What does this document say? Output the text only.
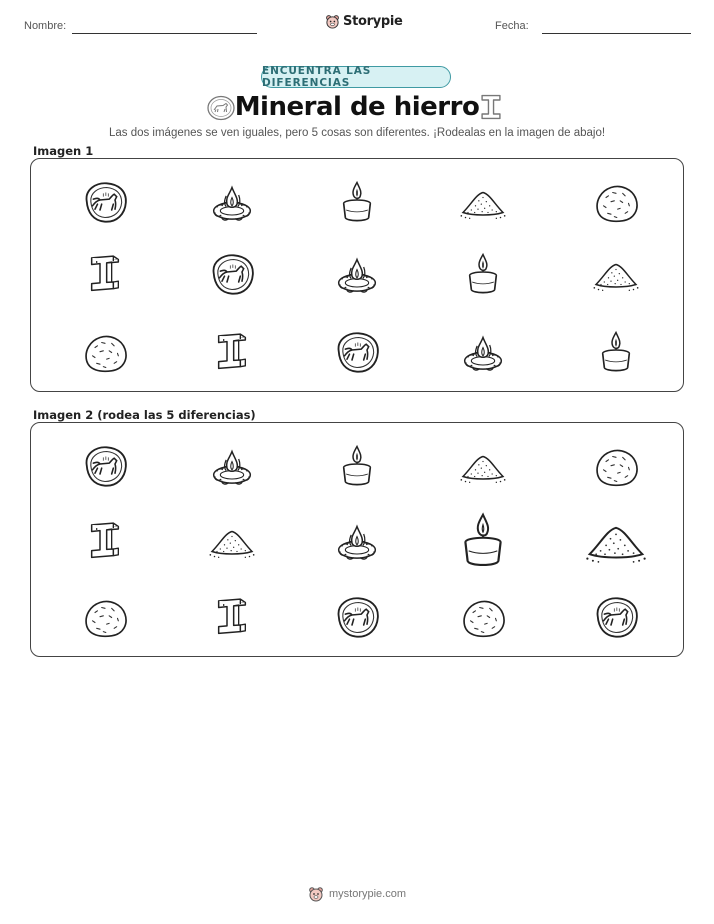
Nombre:	Storypie	Fecha:
ENCUENTRA LAS DIFERENCIAS
Mineral de hierro
Las dos imágenes se ven iguales, pero 5 cosas son diferentes. ¡Rodealas en la imagen de abajo!
Imagen 1
Imagen 2 (rodea las 5 diferencias)
mystorypie.com
